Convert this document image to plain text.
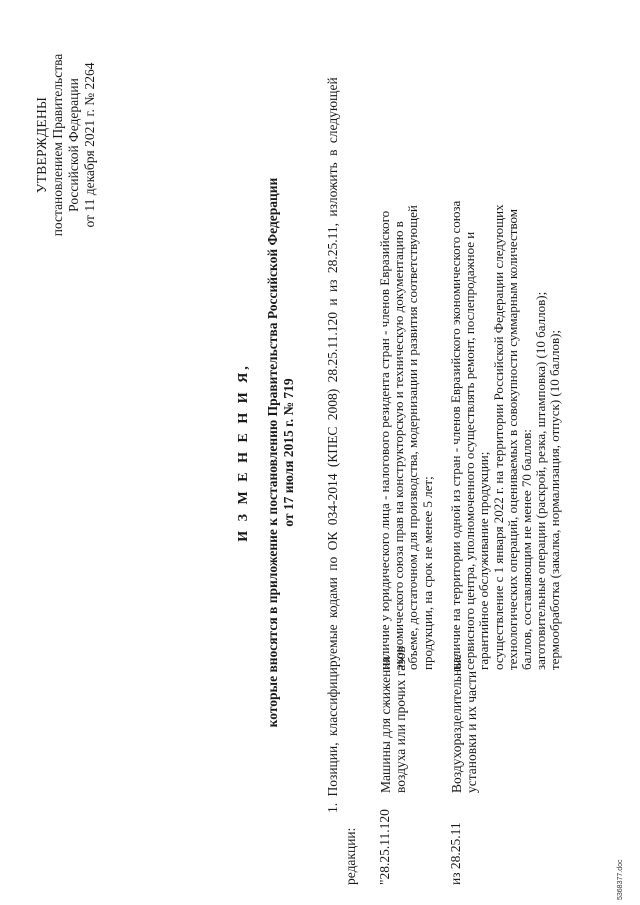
УТВЕРЖДЕНЫ постановлением Правительства Российской Федерации от 11 декабря 2021 г. № 2264
И З М Е Н Е Н И Я, которые вносятся в приложение к постановлению Правительства Российской Федерации от 17 июля 2015 г. № 719 1. Позиции, классифицируемые кодами по ОК 034-2014 (КПЕС 2008) 28.25.11.120 и из 28.25.11, изложить в следующей
редакции: "28.25.11.120
Машины для сжижения воздуха или прочих газов
наличие у юридического лица - налогового резидента стран - членов Евразийского экономического союза прав на конструкторскую и техническую документацию в объеме, достаточном для производства, модернизации и развития соответствующей продукции, на срок не менее 5 лет;
из 28.25.11
Воздухоразделительные установки и их части
наличие на территории одной из стран - членов Евразийского экономического союза сервисного центра, уполномоченного осуществлять ремонт, послепродажное и гарантийное обслуживание продукции; осуществление с 1 января 2022 г. на территории Российской Федерации следующих технологических операций, оцениваемых в совокупности суммарным количеством баллов, составляющим не менее 70 баллов: заготовительные операции (раскрой, резка, штамповка) (10 баллов); термообработка (закалка, нормализация, отпуск) (10 баллов);
5368377.doc
